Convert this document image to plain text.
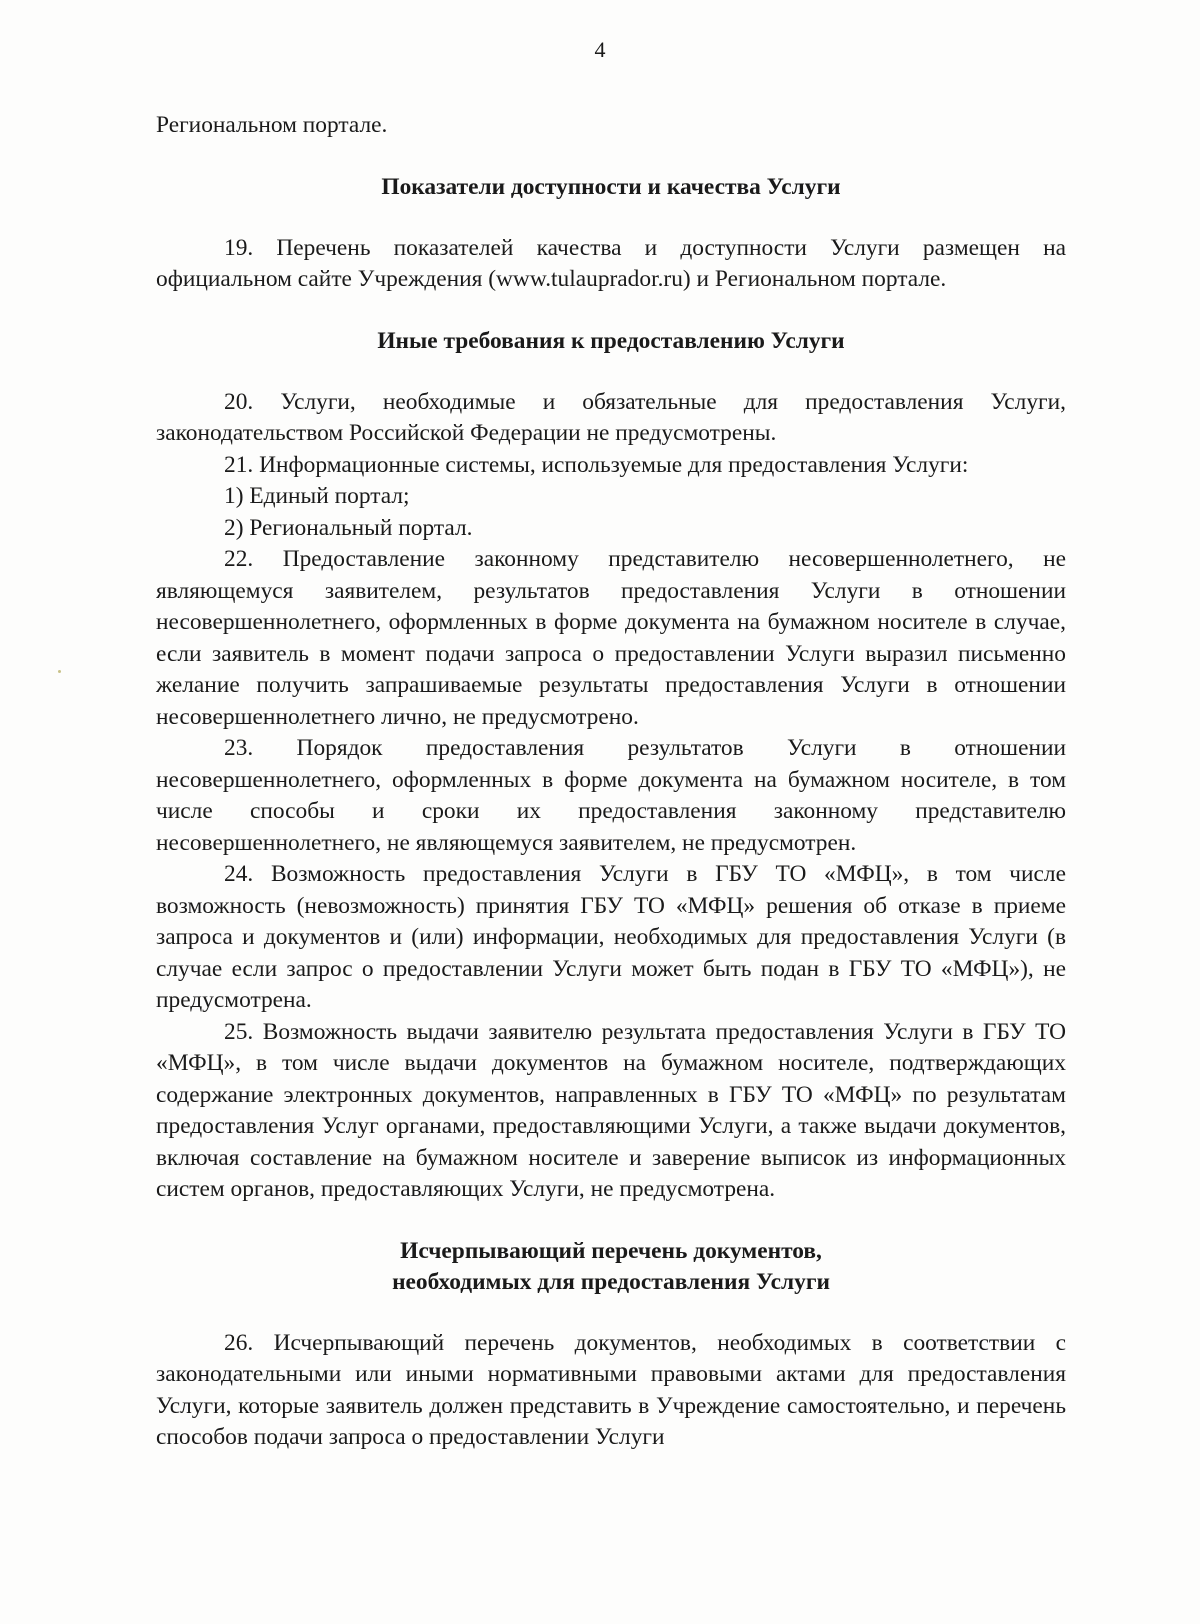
4

Региональном портале.

Показатели доступности и качества Услуги

19. Перечень показателей качества и доступности Услуги размещен на официальном сайте Учреждения (www.tulauprador.ru) и Региональном портале.

Иные требования к предоставлению Услуги

20. Услуги, необходимые и обязательные для предоставления Услуги, законодательством Российской Федерации не предусмотрены.

21. Информационные системы, используемые для предоставления Услуги:

1) Единый портал;

2) Региональный портал.

22. Предоставление законному представителю несовершеннолетнего, не являющемуся заявителем, результатов предоставления Услуги в отношении несовершеннолетнего, оформленных в форме документа на бумажном носителе в случае, если заявитель в момент подачи запроса о предоставлении Услуги выразил письменно желание получить запрашиваемые результаты предоставления Услуги в отношении несовершеннолетнего лично, не предусмотрено.

23. Порядок предоставления результатов Услуги в отношении несовершеннолетнего, оформленных в форме документа на бумажном носителе, в том числе способы и сроки их предоставления законному представителю несовершеннолетнего, не являющемуся заявителем, не предусмотрен.

24. Возможность предоставления Услуги в ГБУ ТО «МФЦ», в том числе возможность (невозможность) принятия ГБУ ТО «МФЦ» решения об отказе в приеме запроса и документов и (или) информации, необходимых для предоставления Услуги (в случае если запрос о предоставлении Услуги может быть подан в ГБУ ТО «МФЦ»), не предусмотрена.

25. Возможность выдачи заявителю результата предоставления Услуги в ГБУ ТО «МФЦ», в том числе выдачи документов на бумажном носителе, подтверждающих содержание электронных документов, направленных в ГБУ ТО «МФЦ» по результатам предоставления Услуг органами, предоставляющими Услуги, а также выдачи документов, включая составление на бумажном носителе и заверение выписок из информационных систем органов, предоставляющих Услуги, не предусмотрена.

Исчерпывающий перечень документов,

необходимых для предоставления Услуги

26. Исчерпывающий перечень документов, необходимых в соответствии с законодательными или иными нормативными правовыми актами для предоставления Услуги, которые заявитель должен представить в Учреждение самостоятельно, и перечень способов подачи запроса о предоставлении Услуги
